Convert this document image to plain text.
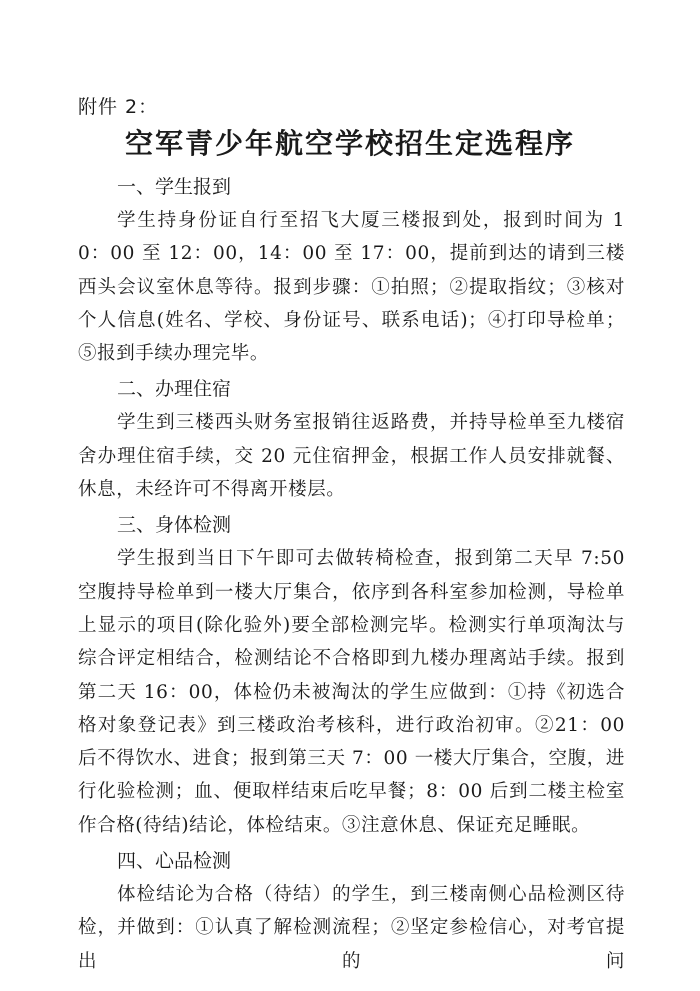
附件 2：
空军青少年航空学校招生定选程序
一、学生报到

学生持身份证自行至招飞大厦三楼报到处，报到时间为 10：00 至 12：00，14：00 至 17：00，提前到达的请到三楼西头会议室休息等待。报到步骤：①拍照；②提取指纹；③核对个人信息(姓名、学校、身份证号、联系电话)；④打印导检单；⑤报到手续办理完毕。

二、办理住宿

学生到三楼西头财务室报销往返路费，并持导检单至九楼宿舍办理住宿手续，交 20 元住宿押金，根据工作人员安排就餐、休息，未经许可不得离开楼层。

三、身体检测

学生报到当日下午即可去做转椅检查，报到第二天早 7:50 空腹持导检单到一楼大厅集合，依序到各科室参加检测，导检单上显示的项目(除化验外)要全部检测完毕。检测实行单项淘汰与综合评定相结合，检测结论不合格即到九楼办理离站手续。报到第二天 16：00，体检仍未被淘汰的学生应做到：①持《初选合格对象登记表》到三楼政治考核科，进行政治初审。②21：00 后不得饮水、进食；报到第三天 7：00 一楼大厅集合，空腹，进行化验检测；血、便取样结束后吃早餐；8：00 后到二楼主检室作合格(待结)结论，体检结束。③注意休息、保证充足睡眠。

四、心品检测

体检结论为合格（待结）的学生，到三楼南侧心品检测区待检，并做到：①认真了解检测流程；②坚定参检信心，对考官提出的问
